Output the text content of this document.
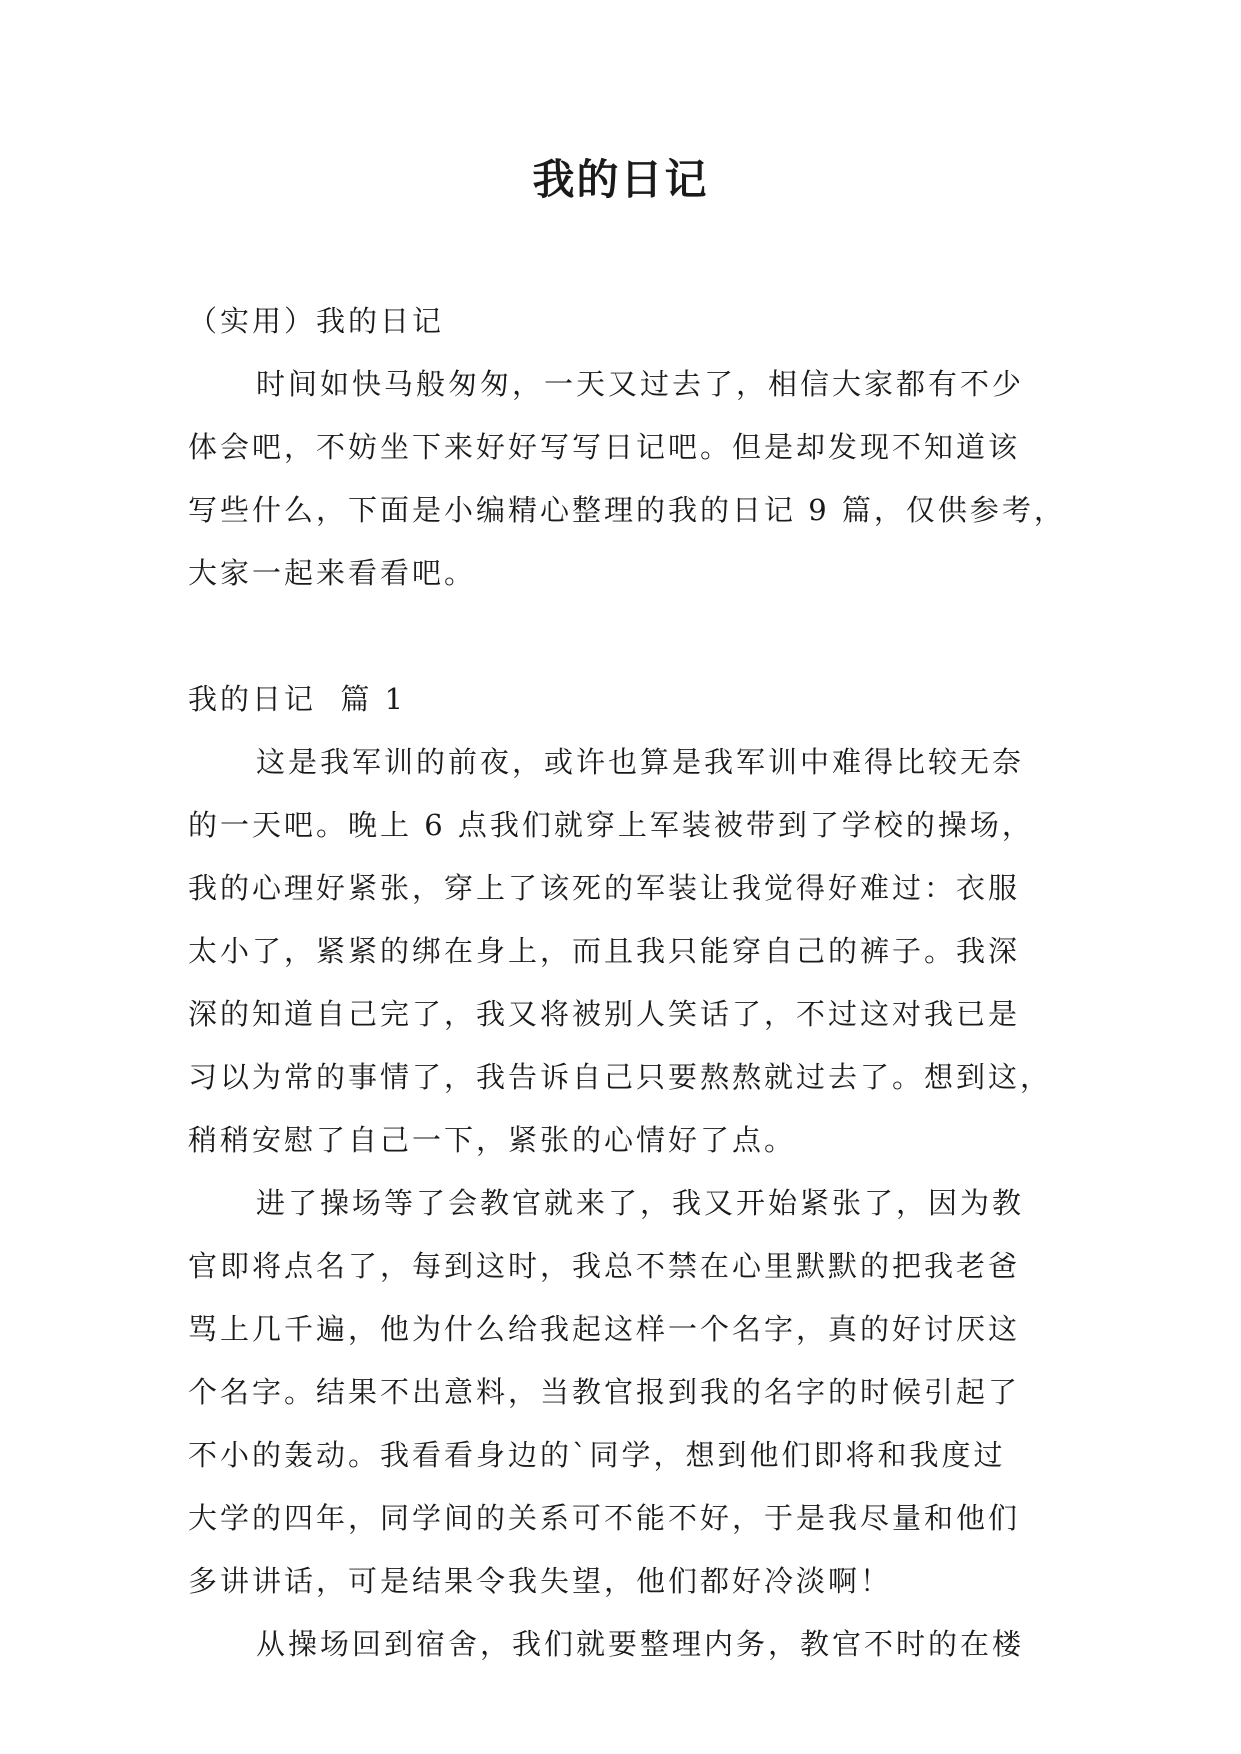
我的日记
（实用）我的日记
时间如快马般匆匆，一天又过去了，相信大家都有不少
体会吧，不妨坐下来好好写写日记吧。但是却发现不知道该
写些什么，下面是小编精心整理的我的日记 9 篇，仅供参考，
大家一起来看看吧。
我的日记  篇 1
这是我军训的前夜，或许也算是我军训中难得比较无奈
的一天吧。晚上 6 点我们就穿上军装被带到了学校的操场，
我的心理好紧张，穿上了该死的军装让我觉得好难过：衣服
太小了，紧紧的绑在身上，而且我只能穿自己的裤子。我深
深的知道自己完了，我又将被别人笑话了，不过这对我已是
习以为常的事情了，我告诉自己只要熬熬就过去了。想到这，
稍稍安慰了自己一下，紧张的心情好了点。
进了操场等了会教官就来了，我又开始紧张了，因为教
官即将点名了，每到这时，我总不禁在心里默默的把我老爸
骂上几千遍，他为什么给我起这样一个名字，真的好讨厌这
个名字。结果不出意料，当教官报到我的名字的时候引起了
不小的轰动。我看看身边的`同学，想到他们即将和我度过
大学的四年，同学间的关系可不能不好，于是我尽量和他们
多讲讲话，可是结果令我失望，他们都好冷淡啊！
从操场回到宿舍，我们就要整理内务，教官不时的在楼
